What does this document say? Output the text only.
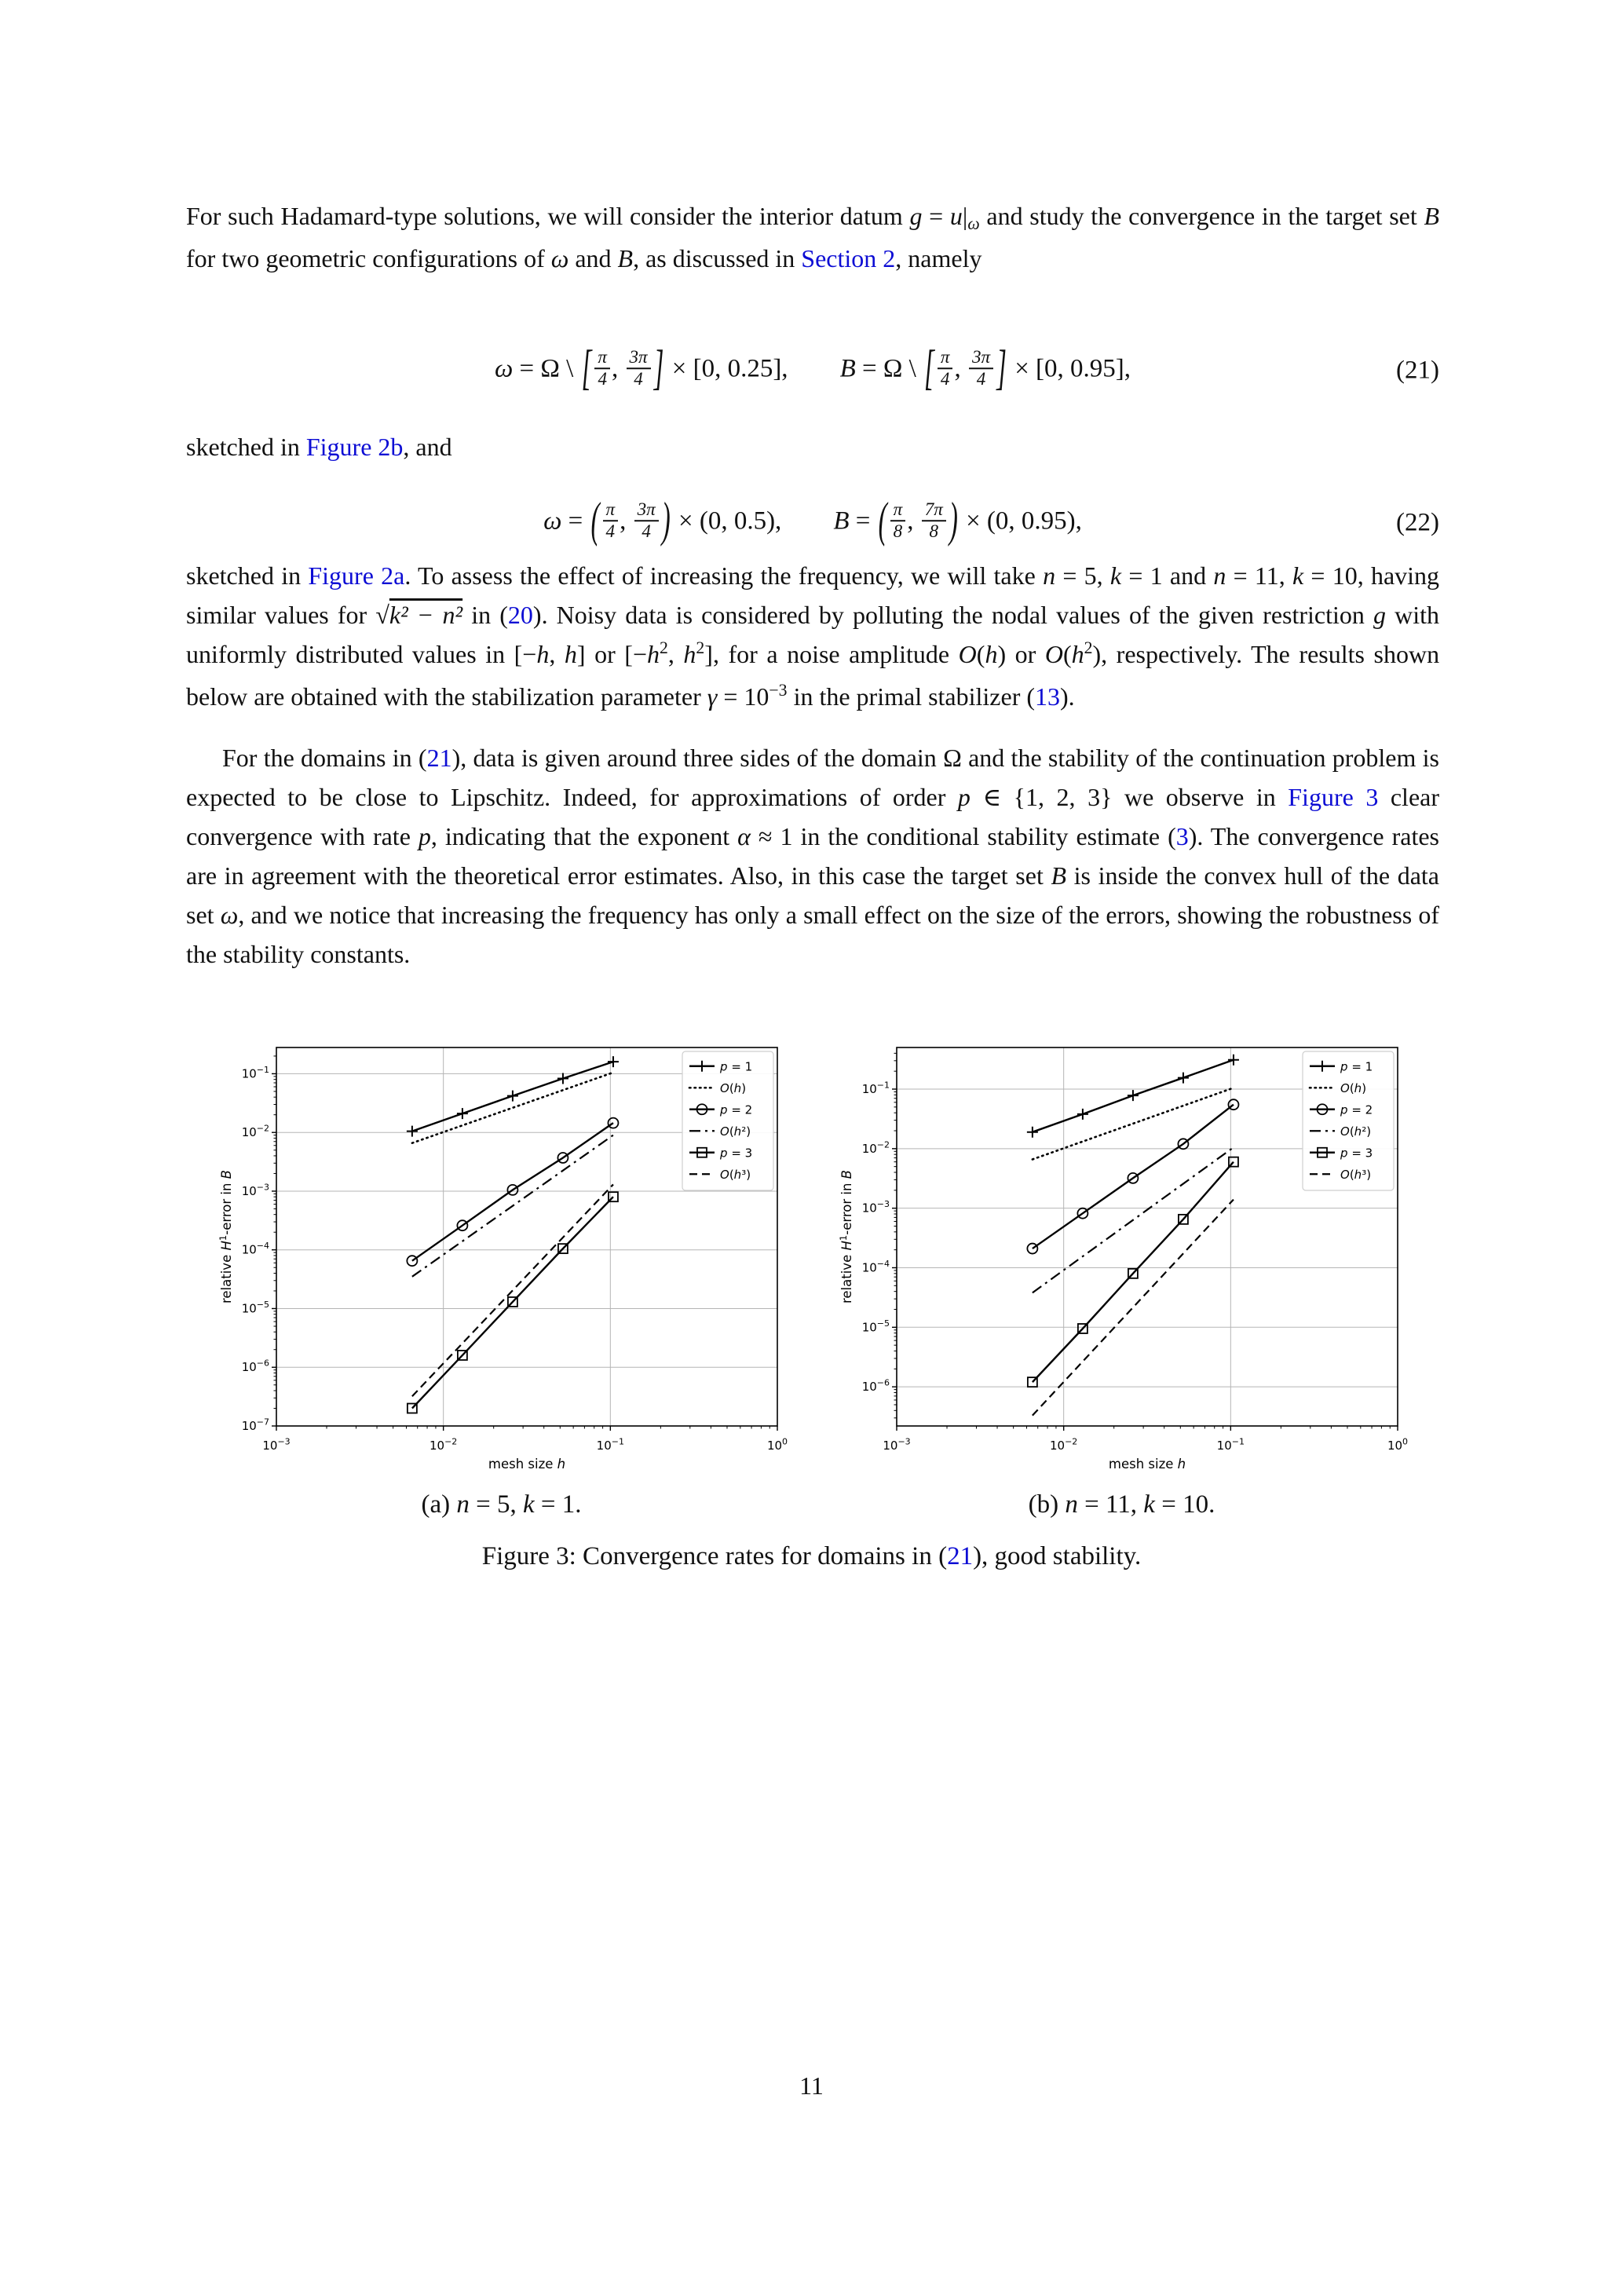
For such Hadamard-type solutions, we will consider the interior datum g = u|ω and study the convergence in the target set B for two geometric configurations of ω and B, as discussed in Section 2, namely

ω = Ω \ [ $\frac{\pi}{4}$ , $\frac{3\pi}{4}$ ] × [0, 0.25],   B = Ω \ [ $\frac{\pi}{4}$ , $\frac{3\pi}{4}$ ] × [0, 0.95],	(21)

sketched in Figure 2b, and

ω = ( $\frac{\pi}{4}$ , $\frac{3\pi}{4}$ ) × (0, 0.5),   B = ( $\frac{\pi}{8}$ , $\frac{7\pi}{8}$ ) × (0, 0.95),	(22)

sketched in Figure 2a. To assess the effect of increasing the frequency, we will take n = 5, k = 1 and n = 11, k = 10, having similar values for √k² − n² in (20). Noisy data is considered by polluting the nodal values of the given restriction g with uniformly distributed values in [−h, h] or [$-h^2$, $h^2$], for a noise amplitude O(h) or $O(h^2)$, respectively. The results shown below are obtained with the stabilization parameter $\gamma = 10^{-3}$ in the primal stabilizer (13).

For the domains in (21), data is given around three sides of the domain Ω and the stability of the continuation problem is expected to be close to Lipschitz. Indeed, for approximations of order p ∈ {1, 2, 3} we observe in Figure 3 clear convergence with rate p, indicating that the exponent α ≈ 1 in the conditional stability estimate (3). The convergence rates are in agreement with the theoretical error estimates. Also, in this case the target set B is inside the convex hull of the data set ω, and we notice that increasing the frequency has only a small effect on the size of the errors, showing the robustness of the stability constants.

$10^{-3}$	$10^{-2}$	$10^{-1}$	$10^0$
$10^{-1}$
$10^{-2}$
$10^{-3}$
$10^{-4}$
$10^{-5}$
$10^{-6}$
$10^{-7}$
mesh size h
relative $H^1$-error in B
p = 1
O(h)
p = 2
O(h²)
p = 3
O(h³)
(a) n = 5, k = 1.
$10^{-3}$	$10^{-2}$	$10^{-1}$	$10^0$
$10^{-1}$
$10^{-2}$
$10^{-3}$
$10^{-4}$
$10^{-5}$
$10^{-6}$
mesh size h
relative $H^1$-error in B
p = 1
O(h)
p = 2
O(h²)
p = 3
O(h³)
(b) n = 11, k = 10.
Figure 3: Convergence rates for domains in (21), good stability.
11
